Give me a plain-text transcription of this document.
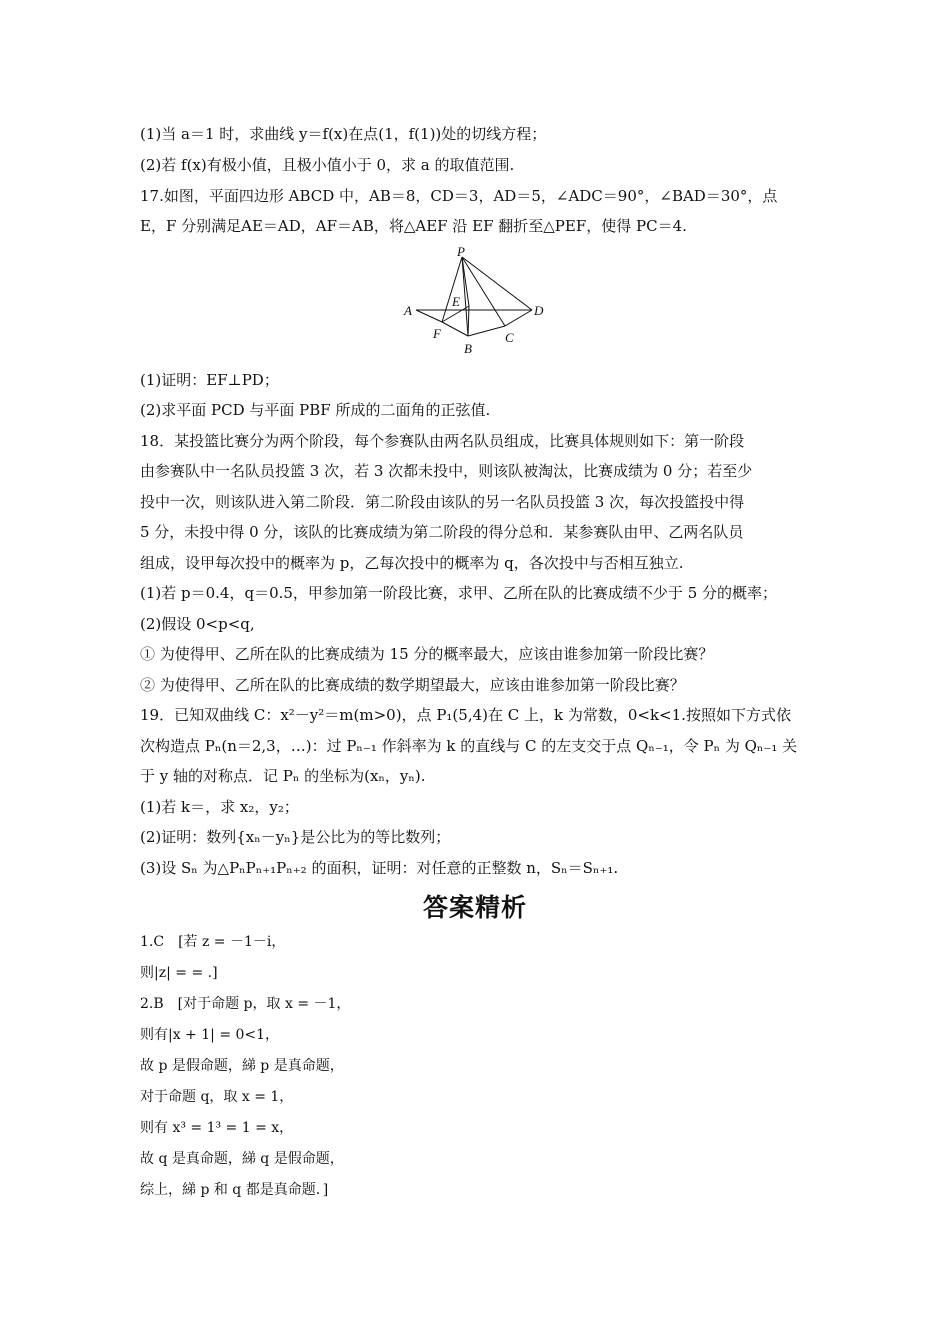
(1)当 a＝1 时，求曲线 y＝f(x)在点(1，f(1))处的切线方程；
(2)若 f(x)有极小值，且极小值小于 0，求 a 的取值范围.
17.如图，平面四边形 ABCD 中，AB＝8，CD＝3，AD＝5，∠ADC＝90°，∠BAD＝30°，点
E，F 分别满足AE＝AD，AF＝AB，将△AEF 沿 EF 翻折至△PEF，使得 PC＝4.
P
A
E
D
F
B
C
(1)证明：EF⊥PD；
(2)求平面 PCD 与平面 PBF 所成的二面角的正弦值.
18．某投篮比赛分为两个阶段，每个参赛队由两名队员组成，比赛具体规则如下：第一阶段
由参赛队中一名队员投篮 3 次，若 3 次都未投中，则该队被淘汰，比赛成绩为 0 分；若至少
投中一次，则该队进入第二阶段．第二阶段由该队的另一名队员投篮 3 次，每次投篮投中得
5 分，未投中得 0 分，该队的比赛成绩为第二阶段的得分总和．某参赛队由甲、乙两名队员
组成，设甲每次投中的概率为 p，乙每次投中的概率为 q，各次投中与否相互独立.
(1)若 p＝0.4，q＝0.5，甲参加第一阶段比赛，求甲、乙所在队的比赛成绩不少于 5 分的概率；
(2)假设 0<p<q,
① 为使得甲、乙所在队的比赛成绩为 15 分的概率最大，应该由谁参加第一阶段比赛？
② 为使得甲、乙所在队的比赛成绩的数学期望最大，应该由谁参加第一阶段比赛？
19．已知双曲线 C：x²－y²＝m(m>0)，点 P₁(5,4)在 C 上，k 为常数，0<k<1.按照如下方式依
次构造点 Pₙ(n＝2,3，…)：过 Pₙ₋₁ 作斜率为 k 的直线与 C 的左支交于点 Qₙ₋₁，令 Pₙ 为 Qₙ₋₁ 关
于 y 轴的对称点．记 Pₙ 的坐标为(xₙ，yₙ).
(1)若 k＝，求 x₂，y₂；
(2)证明：数列{xₙ－yₙ}是公比为的等比数列；
(3)设 Sₙ 为△PₙPₙ₊₁Pₙ₊₂ 的面积，证明：对任意的正整数 n，Sₙ＝Sₙ₊₁.
答案精析
1.C　[若 z = －1－i，
则|z| = = .]
2.B　[对于命题 p，取 x = －1，
则有|x + 1| = 0<1，
故 p 是假命题，綈 p 是真命题，
对于命题 q，取 x = 1，
则有 x³ = 1³ = 1 = x，
故 q 是真命题，綈 q 是假命题，
综上，綈 p 和 q 都是真命题．]
